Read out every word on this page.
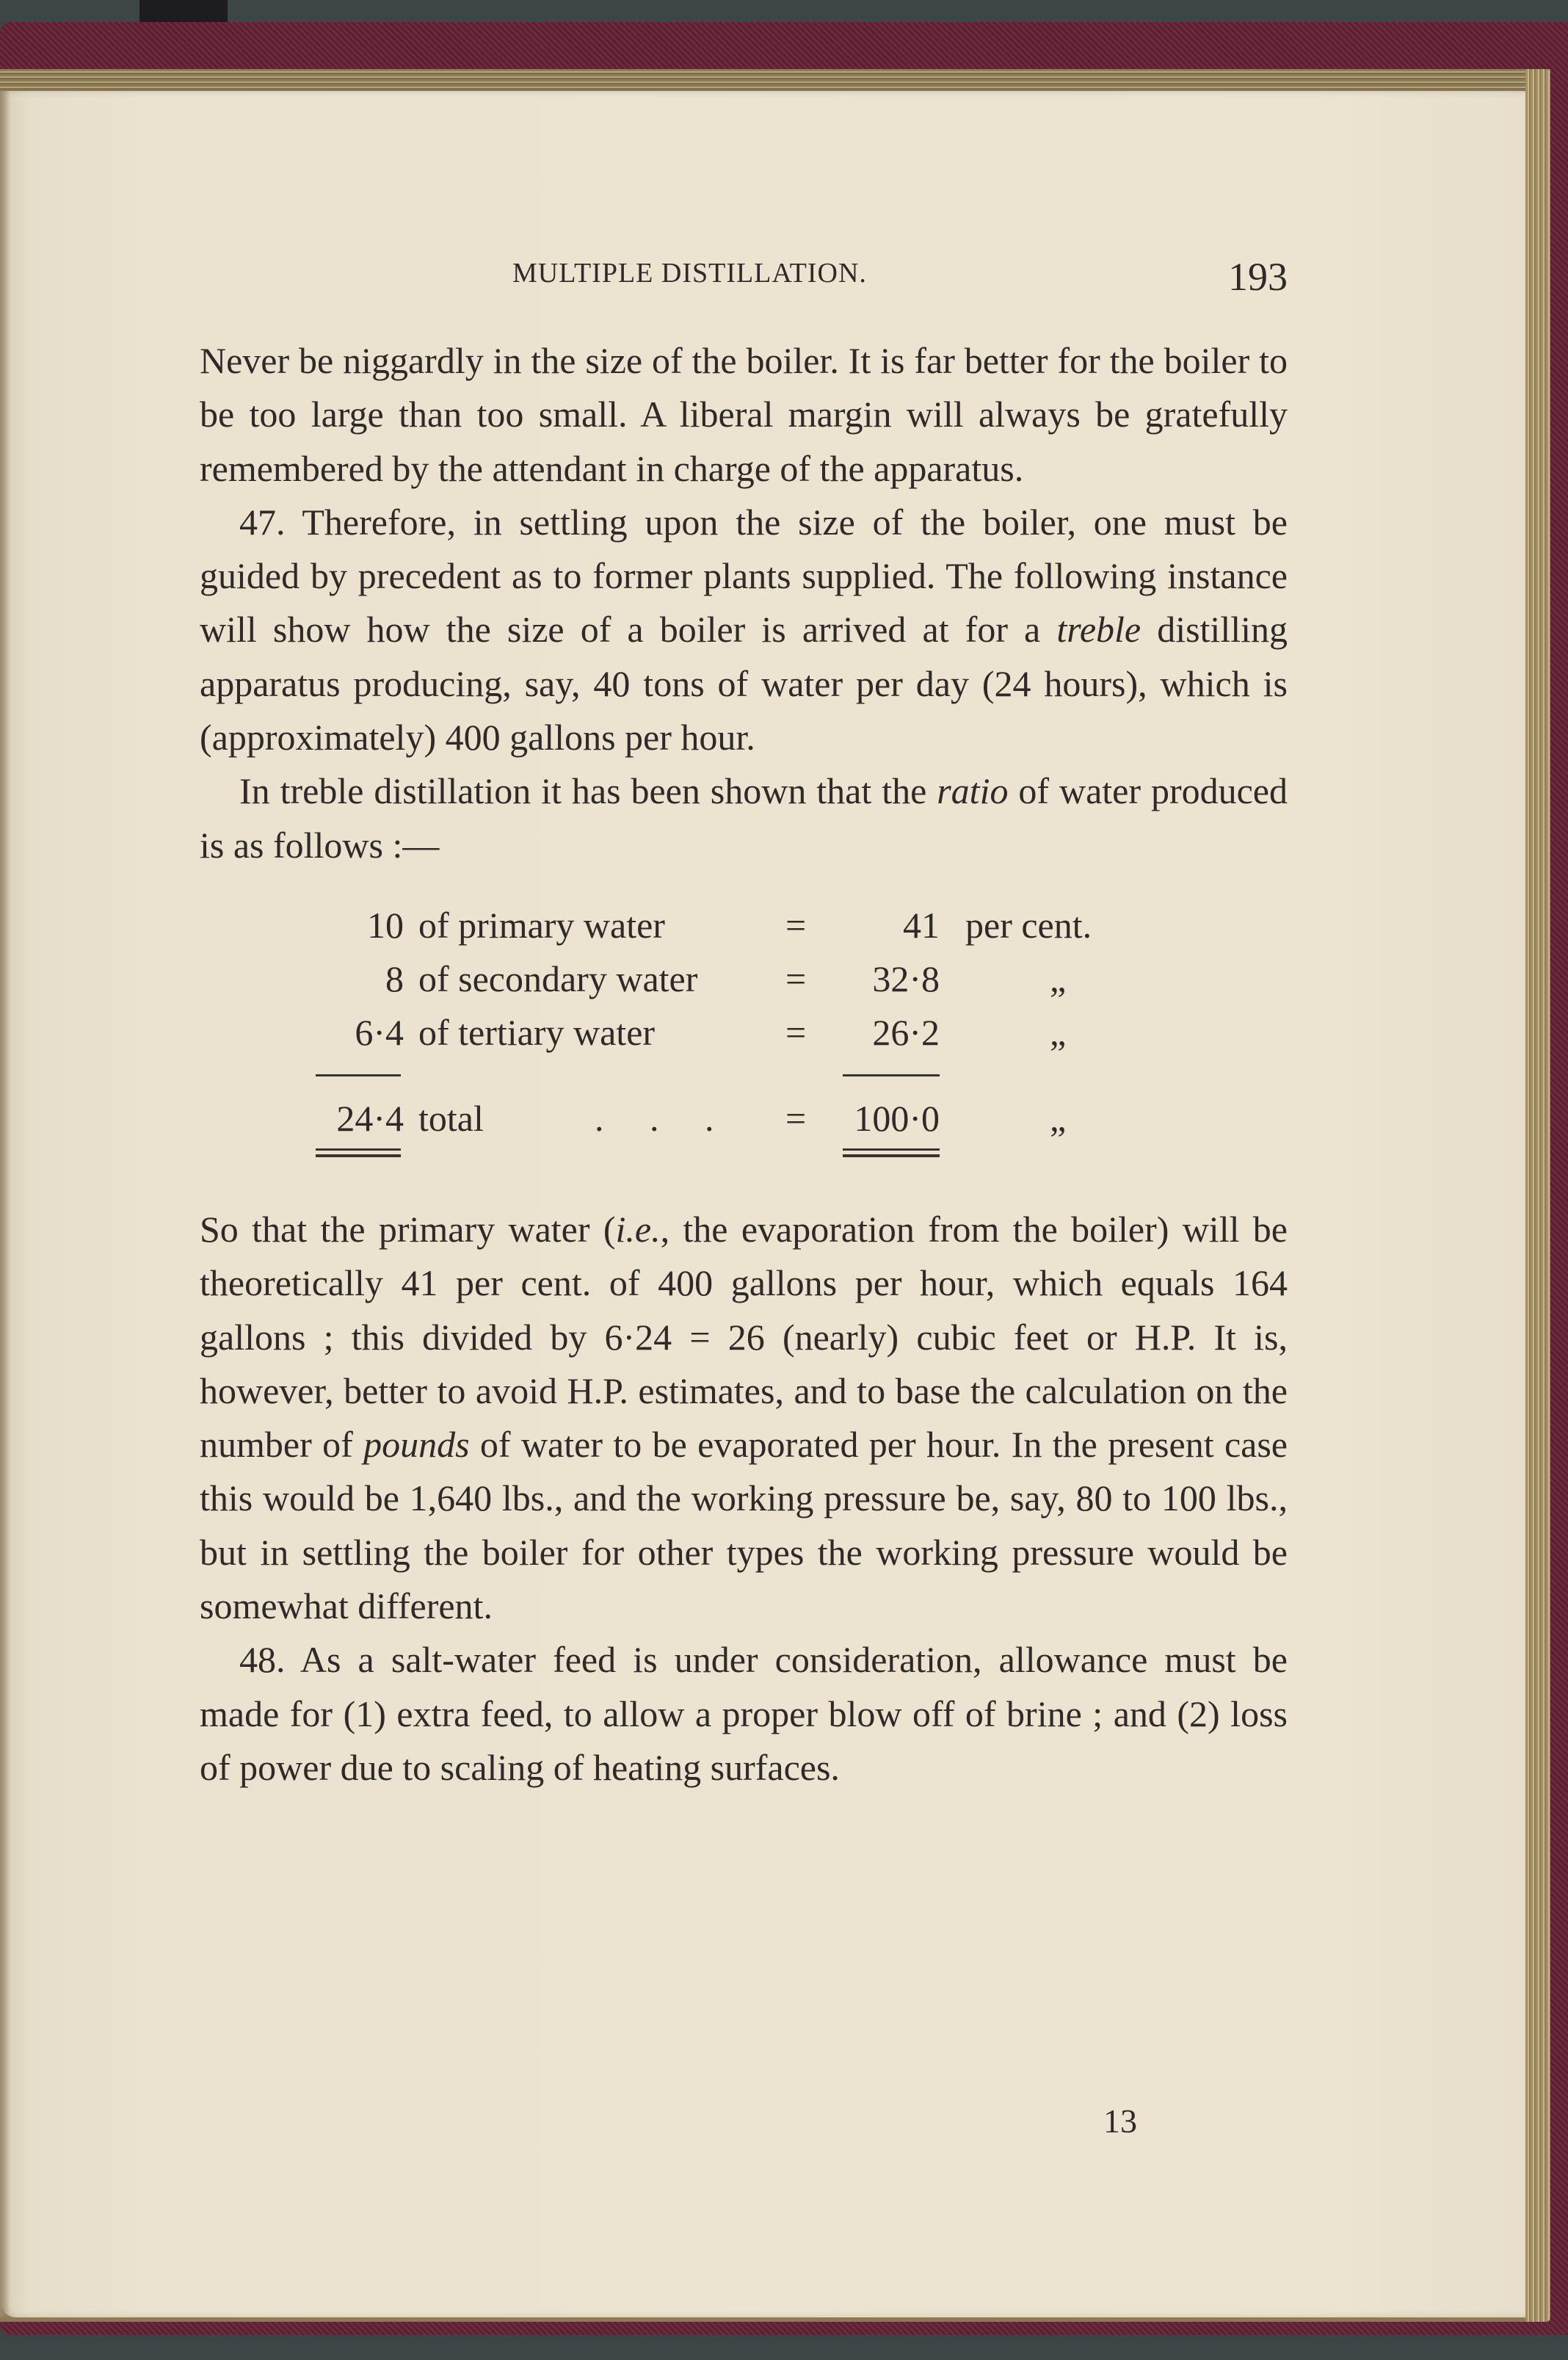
MULTIPLE DISTILLATION.	193

Never be niggardly in the size of the boiler. It is far better for the boiler to be too large than too small. A liberal margin will always be gratefully remembered by the attendant in charge of the apparatus.

47. Therefore, in settling upon the size of the boiler, one must be guided by precedent as to former plants supplied. The following instance will show how the size of a boiler is arrived at for a treble distilling apparatus producing, say, 40 tons of water per day (24 hours), which is (approximately) 400 gallons per hour.

In treble distillation it has been shown that the ratio of water produced is as follows :—

10 of primary water	=	41 per cent.
8 of secondary water =	32·8	„
6·4 of tertiary water	=	26·2	„
24·4 total	.     .     . =	100·0	„

So that the primary water (i.e., the evaporation from the boiler) will be theoretically 41 per cent. of 400 gallons per hour, which equals 164 gallons ; this divided by 6·24 = 26 (nearly) cubic feet or H.P. It is, however, better to avoid H.P. estimates, and to base the calculation on the number of pounds of water to be evaporated per hour. In the present case this would be 1,640 lbs., and the working pressure be, say, 80 to 100 lbs., but in settling the boiler for other types the working pressure would be somewhat different.

48. As a salt-water feed is under consideration, allowance must be made for (1) extra feed, to allow a proper blow off of brine ; and (2) loss of power due to scaling of heating surfaces.

13
